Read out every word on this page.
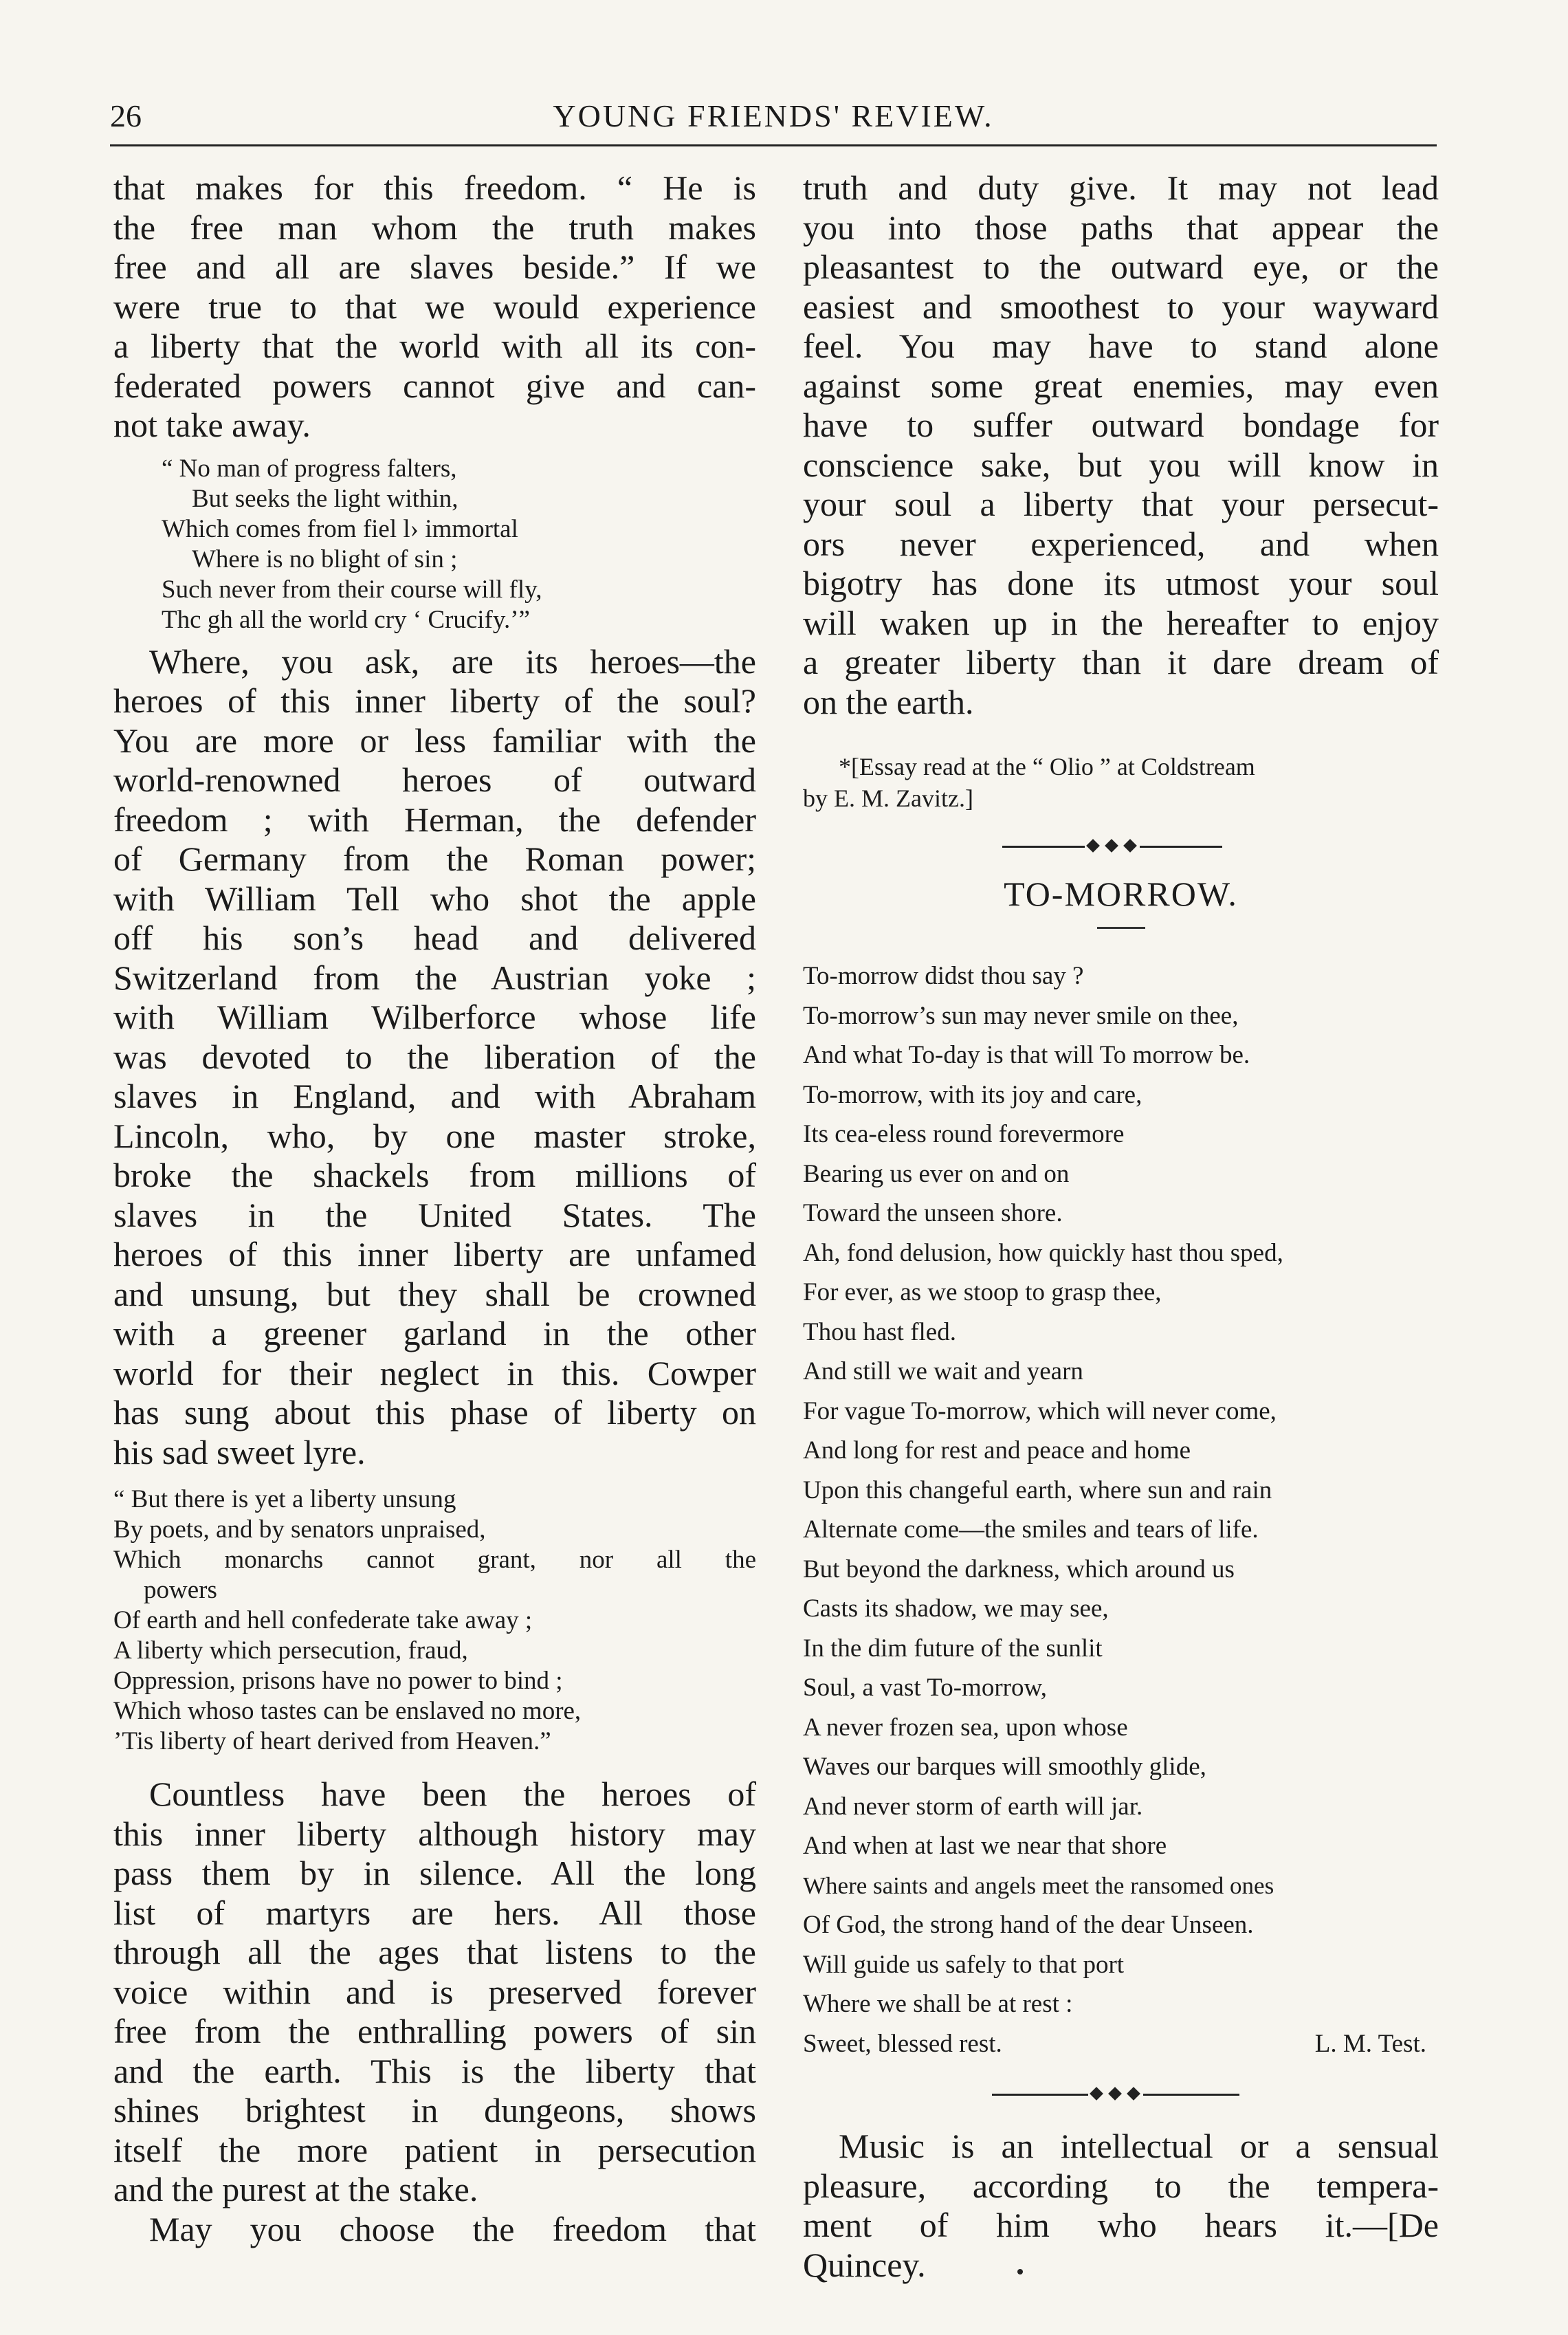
26	YOUNG FRIENDS' REVIEW.

that makes for this freedom. “ He is
the free man whom the truth makes
free and all are slaves beside.” If we
were true to that we would experience
a liberty that the world with all its con-
federated powers cannot give and can-
not take away.

“ No man of progress falters,
But seeks the light within,
Which comes from fiel l› immortal
Where is no blight of sin ;
Such never from their course will fly,
Thc gh all the world cry ‘ Crucify.’”

Where, you ask, are its heroes—the
heroes of this inner liberty of the soul?
You are more or less familiar with the
world-renowned heroes of outward
freedom ; with Herman, the defender
of Germany from the Roman power;
with William Tell who shot the apple
off his son’s head and delivered
Switzerland from the Austrian yoke ;
with William Wilberforce whose life
was devoted to the liberation of the
slaves in England, and with Abraham
Lincoln, who, by one master stroke,
broke the shackels from millions of
slaves in the United States. The
heroes of this inner liberty are unfamed
and unsung, but they shall be crowned
with a greener garland in the other
world for their neglect in this. Cowper
has sung about this phase of liberty on
his sad sweet lyre.

“ But there is yet a liberty unsung
By poets, and by senators unpraised,
Which monarchs cannot grant, nor all the
powers
Of earth and hell confederate take away ;
A liberty which persecution, fraud,
Oppression, prisons have no power to bind ;
Which whoso tastes can be enslaved no more,
’Tis liberty of heart derived from Heaven.”

Countless have been the heroes of
this inner liberty although history may
pass them by in silence. All the long
list of martyrs are hers. All those
through all the ages that listens to the
voice within and is preserved forever
free from the enthralling powers of sin
and the earth. This is the liberty that
shines brightest in dungeons, shows
itself the more patient in persecution
and the purest at the stake.

May you choose the freedom that

truth and duty give. It may not lead
you into those paths that appear the
pleasantest to the outward eye, or the
easiest and smoothest to your wayward
feel. You may have to stand alone
against some great enemies, may even
have to suffer outward bondage for
conscience sake, but you will know in
your soul a liberty that your persecut-
ors never experienced, and when
bigotry has done its utmost your soul
will waken up in the hereafter to enjoy
a greater liberty than it dare dream of
on the earth.

*[Essay read at the “ Olio ” at Coldstream
by E. M. Zavitz.]
TO-MORROW.
To-morrow didst thou say ?
To-morrow’s sun may never smile on thee,
And what To-day is that will To morrow be.
To-morrow, with its joy and care,
Its cea-eless round forevermore
Bearing us ever on and on
Toward the unseen shore.
Ah, fond delusion, how quickly hast thou sped,
For ever, as we stoop to grasp thee,
Thou hast fled.
And still we wait and yearn
For vague To-morrow, which will never come,
And long for rest and peace and home
Upon this changeful earth, where sun and rain
Alternate come—the smiles and tears of life.
But beyond the darkness, which around us
Casts its shadow, we may see,
In the dim future of the sunlit
Soul, a vast To-morrow,
A never frozen sea, upon whose
Waves our barques will smoothly glide,
And never storm of earth will jar.
And when at last we near that shore
Where saints and angels meet the ransomed ones
Of God, the strong hand of the dear Unseen.
Will guide us safely to that port
Where we shall be at rest :
Sweet, blessed rest.	L. M. Test.

Music is an intellectual or a sensual
pleasure, according to the tempera-
ment of him who hears it.—[De
Quincey.
